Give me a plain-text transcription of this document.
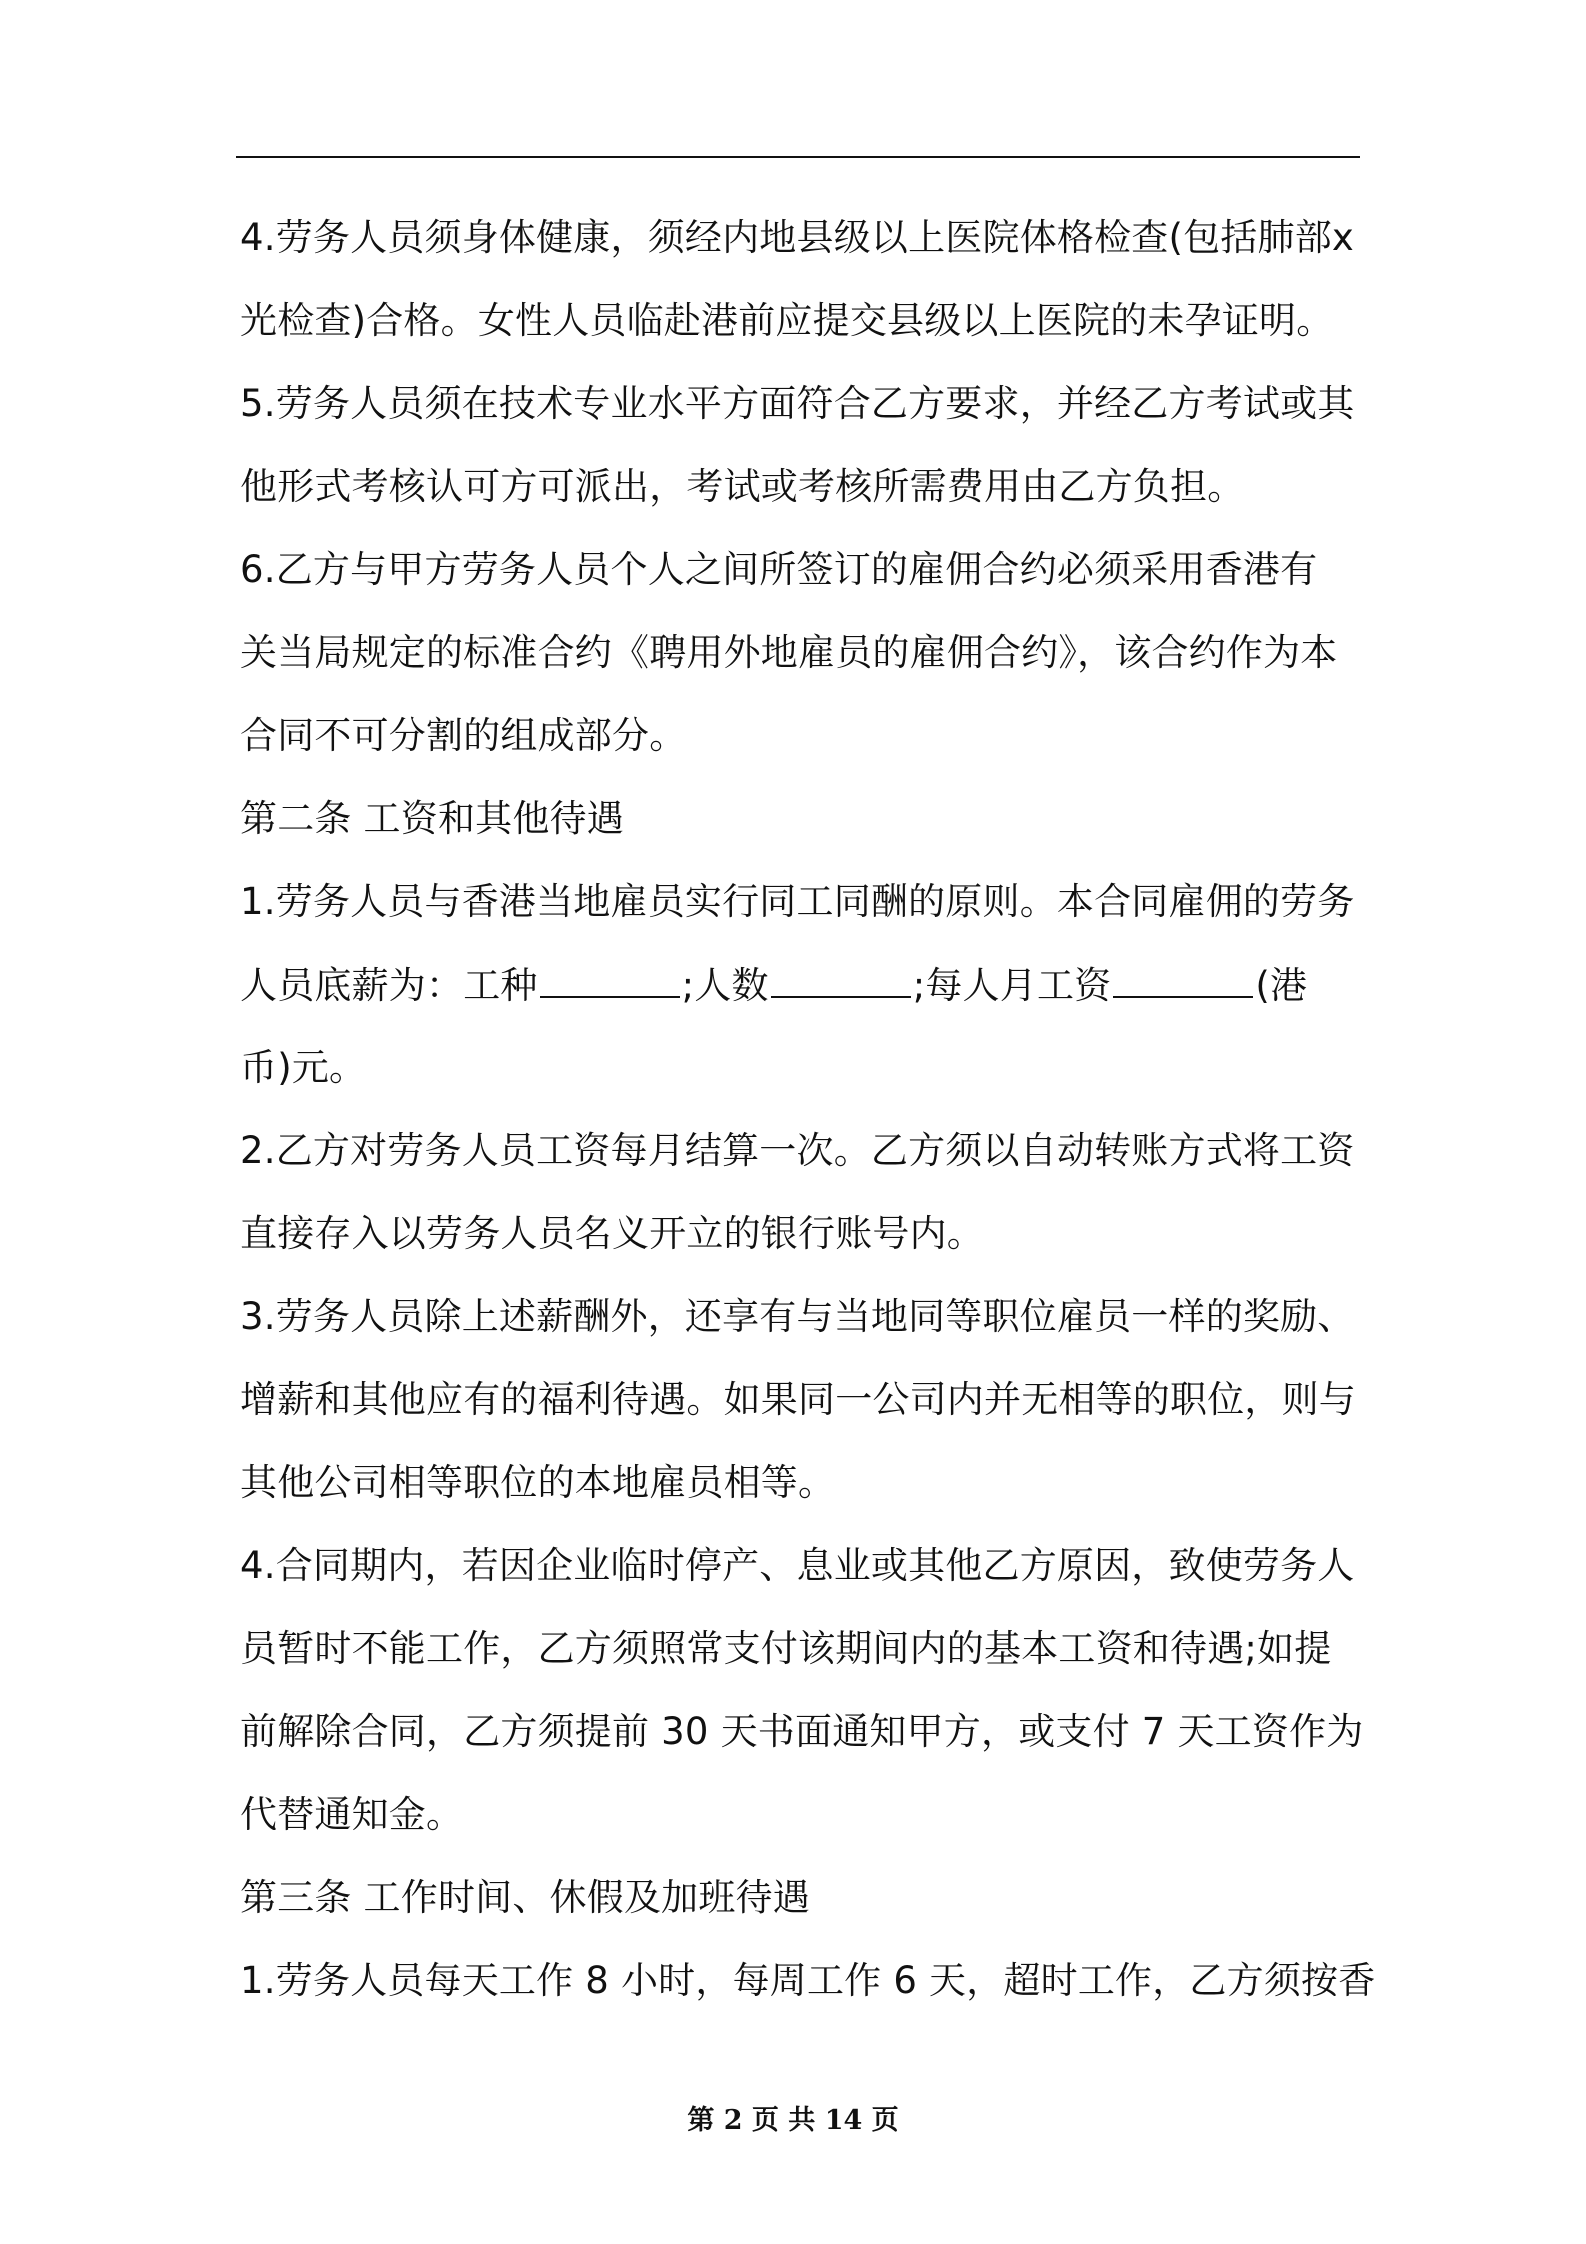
4.劳务人员须身体健康，须经内地县级以上医院体格检查(包括肺部x
光检查)合格。女性人员临赴港前应提交县级以上医院的未孕证明。
5.劳务人员须在技术专业水平方面符合乙方要求，并经乙方考试或其
他形式考核认可方可派出，考试或考核所需费用由乙方负担。
6.乙方与甲方劳务人员个人之间所签订的雇佣合约必须采用香港有
关当局规定的标准合约《聘用外地雇员的雇佣合约》，该合约作为本
合同不可分割的组成部分。
第二条 工资和其他待遇
1.劳务人员与香港当地雇员实行同工同酬的原则。本合同雇佣的劳务
人员底薪为：工种	;人数	;每人月工资	(港
币)元。
2.乙方对劳务人员工资每月结算一次。乙方须以自动转账方式将工资
直接存入以劳务人员名义开立的银行账号内。
3.劳务人员除上述薪酬外，还享有与当地同等职位雇员一样的奖励、
增薪和其他应有的福利待遇。如果同一公司内并无相等的职位，则与
其他公司相等职位的本地雇员相等。
4.合同期内，若因企业临时停产、息业或其他乙方原因，致使劳务人
员暂时不能工作，乙方须照常支付该期间内的基本工资和待遇;如提
前解除合同，乙方须提前 30 天书面通知甲方，或支付 7 天工资作为
代替通知金。
第三条 工作时间、休假及加班待遇
1.劳务人员每天工作 8 小时，每周工作 6 天，超时工作，乙方须按香
第 2 页 共 14 页
